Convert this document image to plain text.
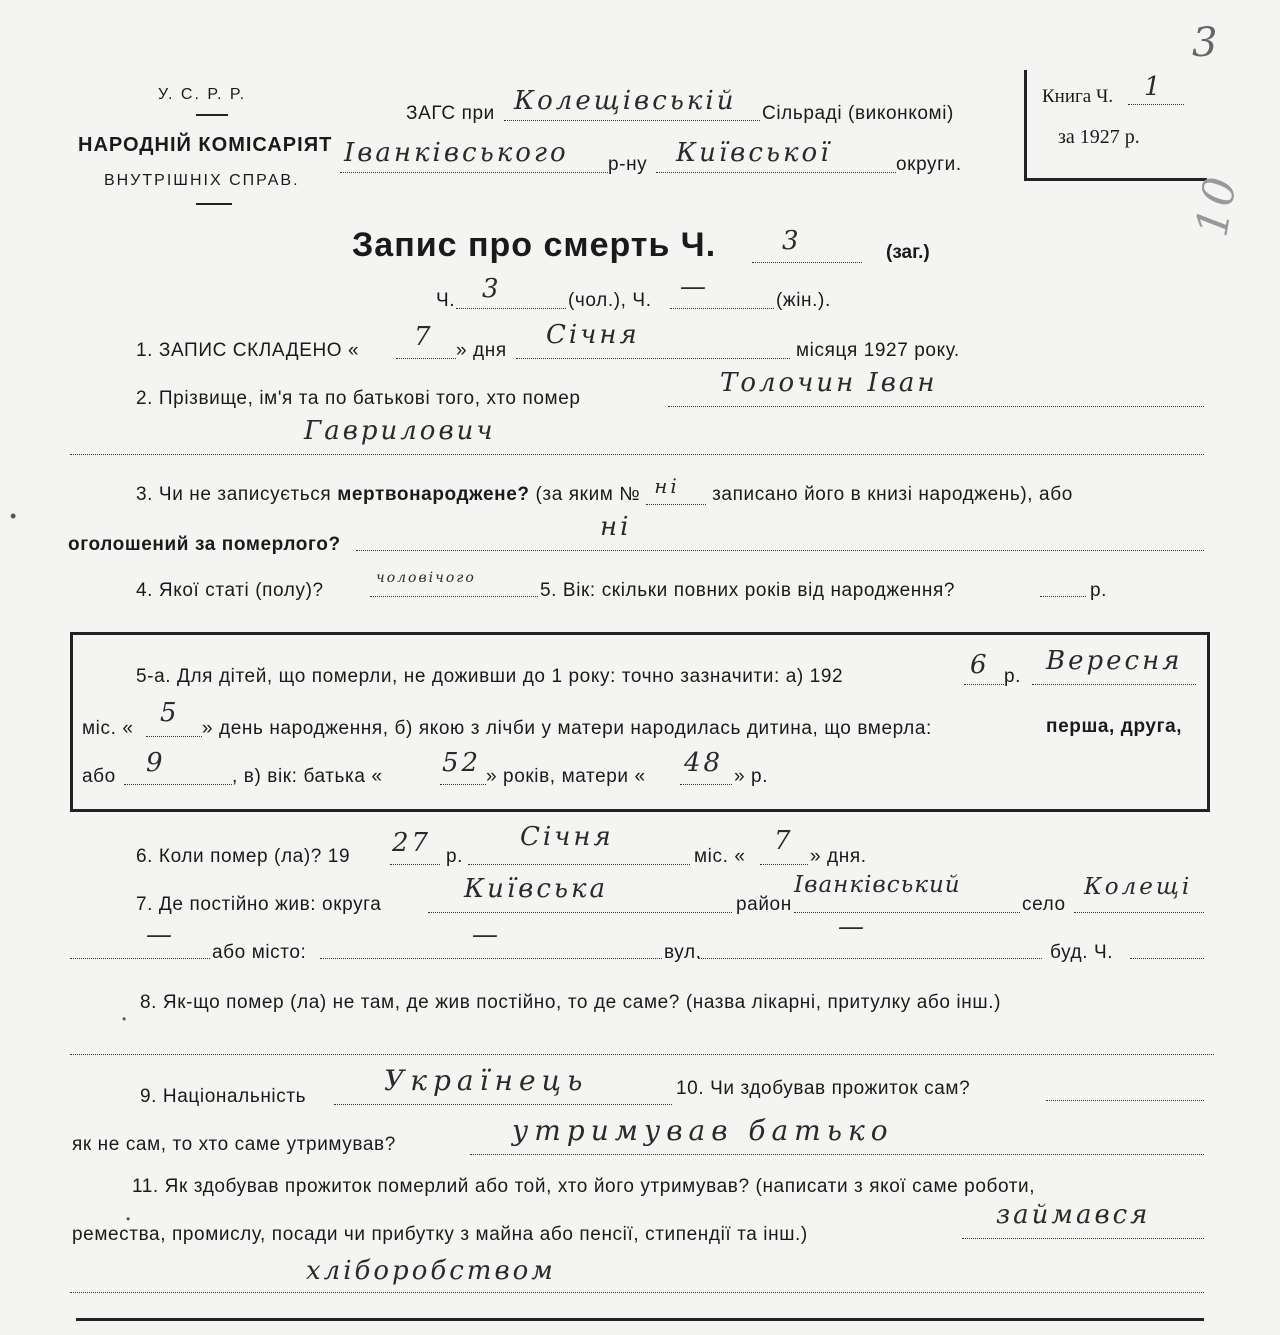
У. С. Р. Р.
НАРОДНІЙ КОМІСАРІЯТ
ВНУТРІШНІХ СПРАВ.
ЗАГС при Колещівській Сільраді (виконкомі)
Іванківського р-ну Київської	округи.
Книга Ч. 1
за 1927 р.
3
10
Запис про смерть Ч.	3	(заг.)
Ч. 3	(чол.), Ч. —	(жін.).
1. ЗАПИС СКЛАДЕНО « 7 » дня
Січня
місяця 1927 року.
2. Прізвище, ім'я та по батькові того, хто помер
Толочин Іван
Гаврилович
3. Чи не записується мертвонароджене? (за яким № ні записано його в книзі народжень), або
оголошений за померлого?
ні
4. Якої статі (полу)?
чоловічого
5. Вік: скільки повних років від народження?	р.
5-а. Для дітей, що померли, не доживши до 1 року: точно зазначити: а) 192	6 р.
Вересня
міс. «
5
» день народження, б) якою з лічби у матери народилась дитина, що вмерла:	перша, друга,
або 9	, в) вік: батька « 52 » років, матери « 48 » р.
6. Коли помер (ла)? 19 27 р.
Січня
міс. «
7
» дня.
7. Де постійно жив: округа
Київська
район
Іванківський
село
Колещі
—
або місто:
—
вул.
—
буд. Ч.
8. Як-що помер (ла) не там, де жив постійно, то де саме? (назва лікарні, притулку або інш.)
9. Національність	Українець	10. Чи здобував прожиток сам?
як не сам, то хто саме утримував?	утримував батько
11. Як здобував прожиток померлий або той, хто його утримував? (написати з якої саме роботи,
ремества, промислу, посади чи прибутку з майна або пенсії, стипендії та інш.)
займався
хліборобством
•
•
•
